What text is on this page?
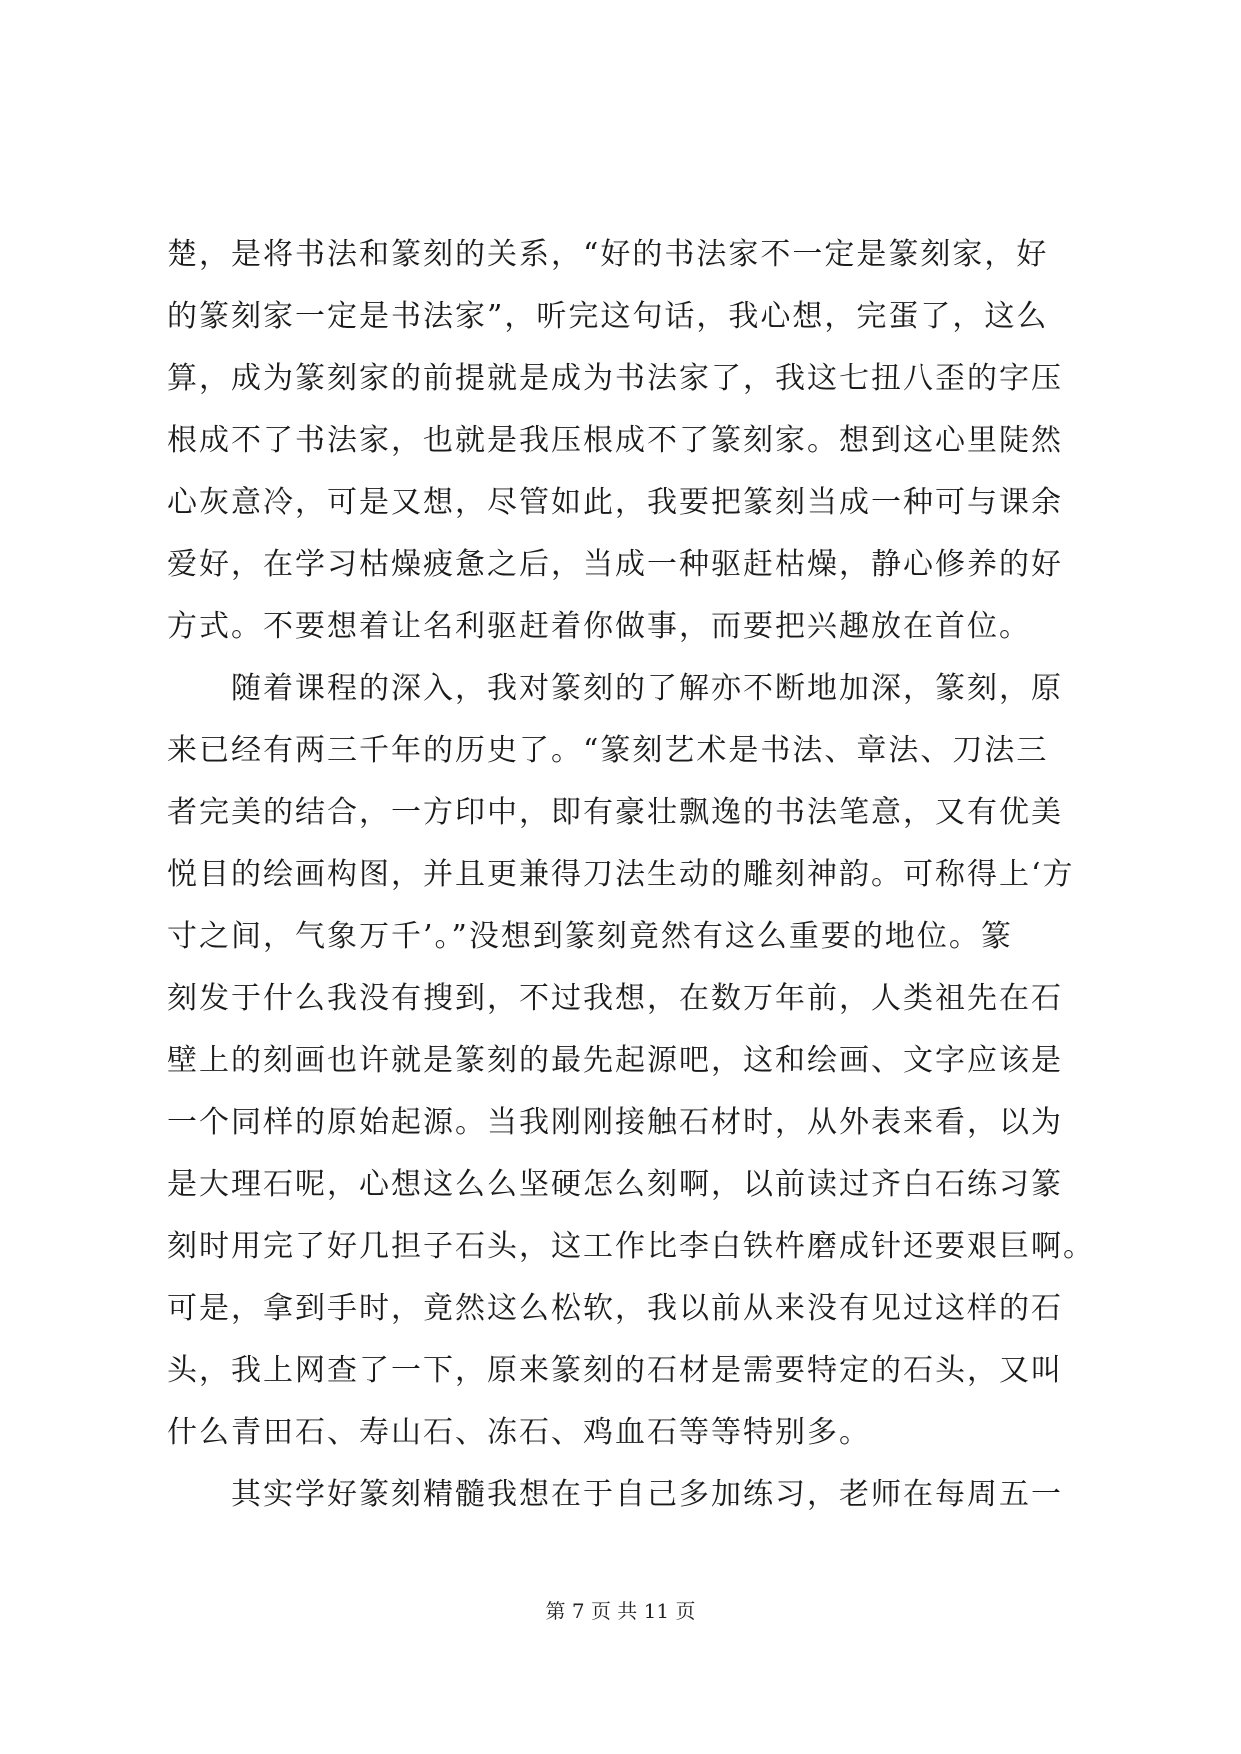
楚，是将书法和篆刻的关系，“好的书法家不一定是篆刻家，好
的篆刻家一定是书法家”，听完这句话，我心想，完蛋了，这么
算，成为篆刻家的前提就是成为书法家了，我这七扭八歪的字压
根成不了书法家，也就是我压根成不了篆刻家。想到这心里陡然
心灰意冷，可是又想，尽管如此，我要把篆刻当成一种可与课余
爱好，在学习枯燥疲惫之后，当成一种驱赶枯燥，静心修养的好
方式。不要想着让名利驱赶着你做事，而要把兴趣放在首位。
随着课程的深入，我对篆刻的了解亦不断地加深，篆刻，原
来已经有两三千年的历史了。“篆刻艺术是书法、章法、刀法三
者完美的结合，一方印中，即有豪壮飘逸的书法笔意，又有优美
悦目的绘画构图，并且更兼得刀法生动的雕刻神韵。可称得上‘方
寸之间，气象万千’。”没想到篆刻竟然有这么重要的地位。篆
刻发于什么我没有搜到，不过我想，在数万年前，人类祖先在石
壁上的刻画也许就是篆刻的最先起源吧，这和绘画、文字应该是
一个同样的原始起源。当我刚刚接触石材时，从外表来看，以为
是大理石呢，心想这么么坚硬怎么刻啊，以前读过齐白石练习篆
刻时用完了好几担子石头，这工作比李白铁杵磨成针还要艰巨啊。
可是，拿到手时，竟然这么松软，我以前从来没有见过这样的石
头，我上网查了一下，原来篆刻的石材是需要特定的石头，又叫
什么青田石、寿山石、冻石、鸡血石等等特别多。
其实学好篆刻精髓我想在于自己多加练习，老师在每周五一
第 7 页 共 11 页
